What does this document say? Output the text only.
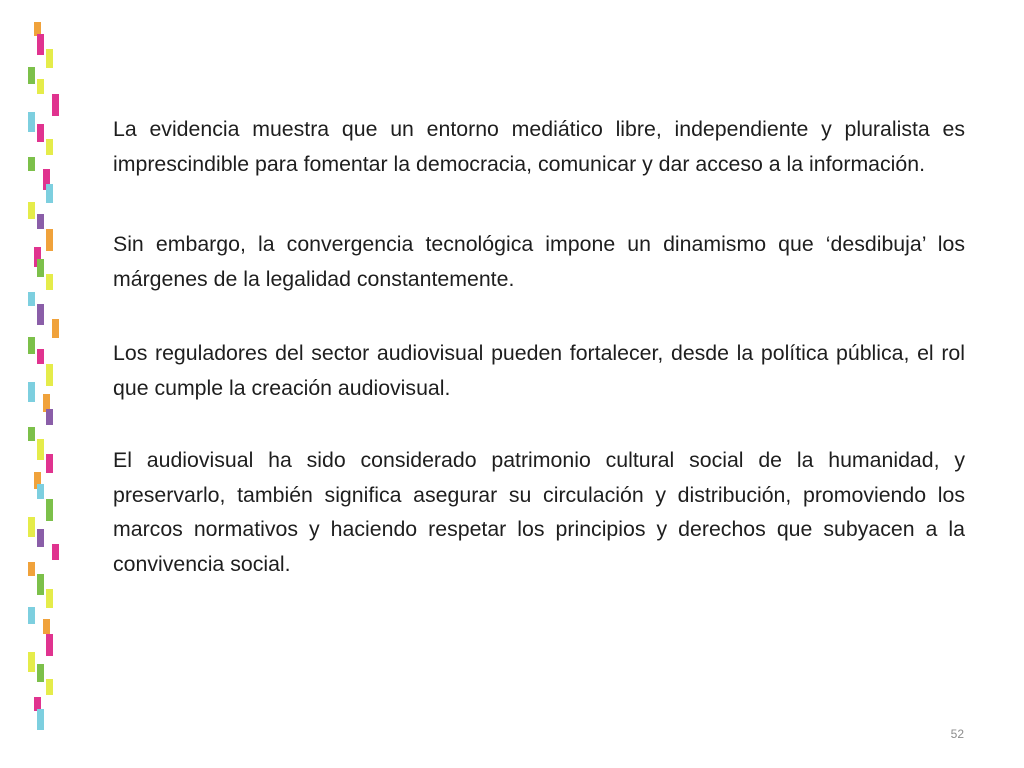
La evidencia muestra que un entorno mediático libre, independiente y pluralista es imprescindible para fomentar la democracia, comunicar y dar acceso a la información.

Sin embargo, la convergencia tecnológica impone un dinamismo que ‘desdibuja’ los márgenes de la legalidad constantemente.

Los reguladores del sector audiovisual pueden fortalecer, desde la política pública, el rol que cumple la creación audiovisual.

El audiovisual ha sido considerado patrimonio cultural social de la humanidad, y preservarlo, también significa asegurar su circulación y distribución, promoviendo los marcos normativos y haciendo respetar los principios y derechos que subyacen a la convivencia social.

52
